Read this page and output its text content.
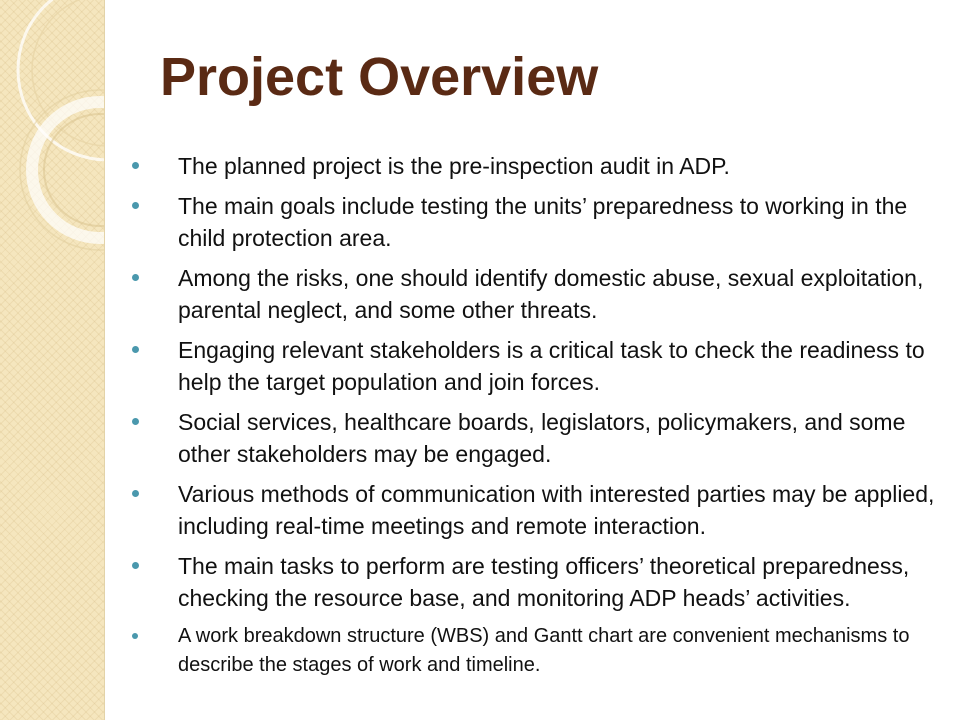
Project Overview
The planned project is the pre-inspection audit in ADP.
The main goals include testing the units’ preparedness to working in the child protection area.
Among the risks, one should identify domestic abuse, sexual exploitation, parental neglect, and some other threats.
Engaging relevant stakeholders is a critical task to check the readiness to help the target population and join forces.
Social services, healthcare boards, legislators, policymakers, and some other stakeholders may be engaged.
Various methods of communication with interested parties may be applied, including real-time meetings and remote interaction.
The main tasks to perform are testing officers’ theoretical preparedness, checking the resource base, and monitoring ADP heads’ activities.
A work breakdown structure (WBS) and Gantt chart are convenient mechanisms to describe the stages of work and timeline.
